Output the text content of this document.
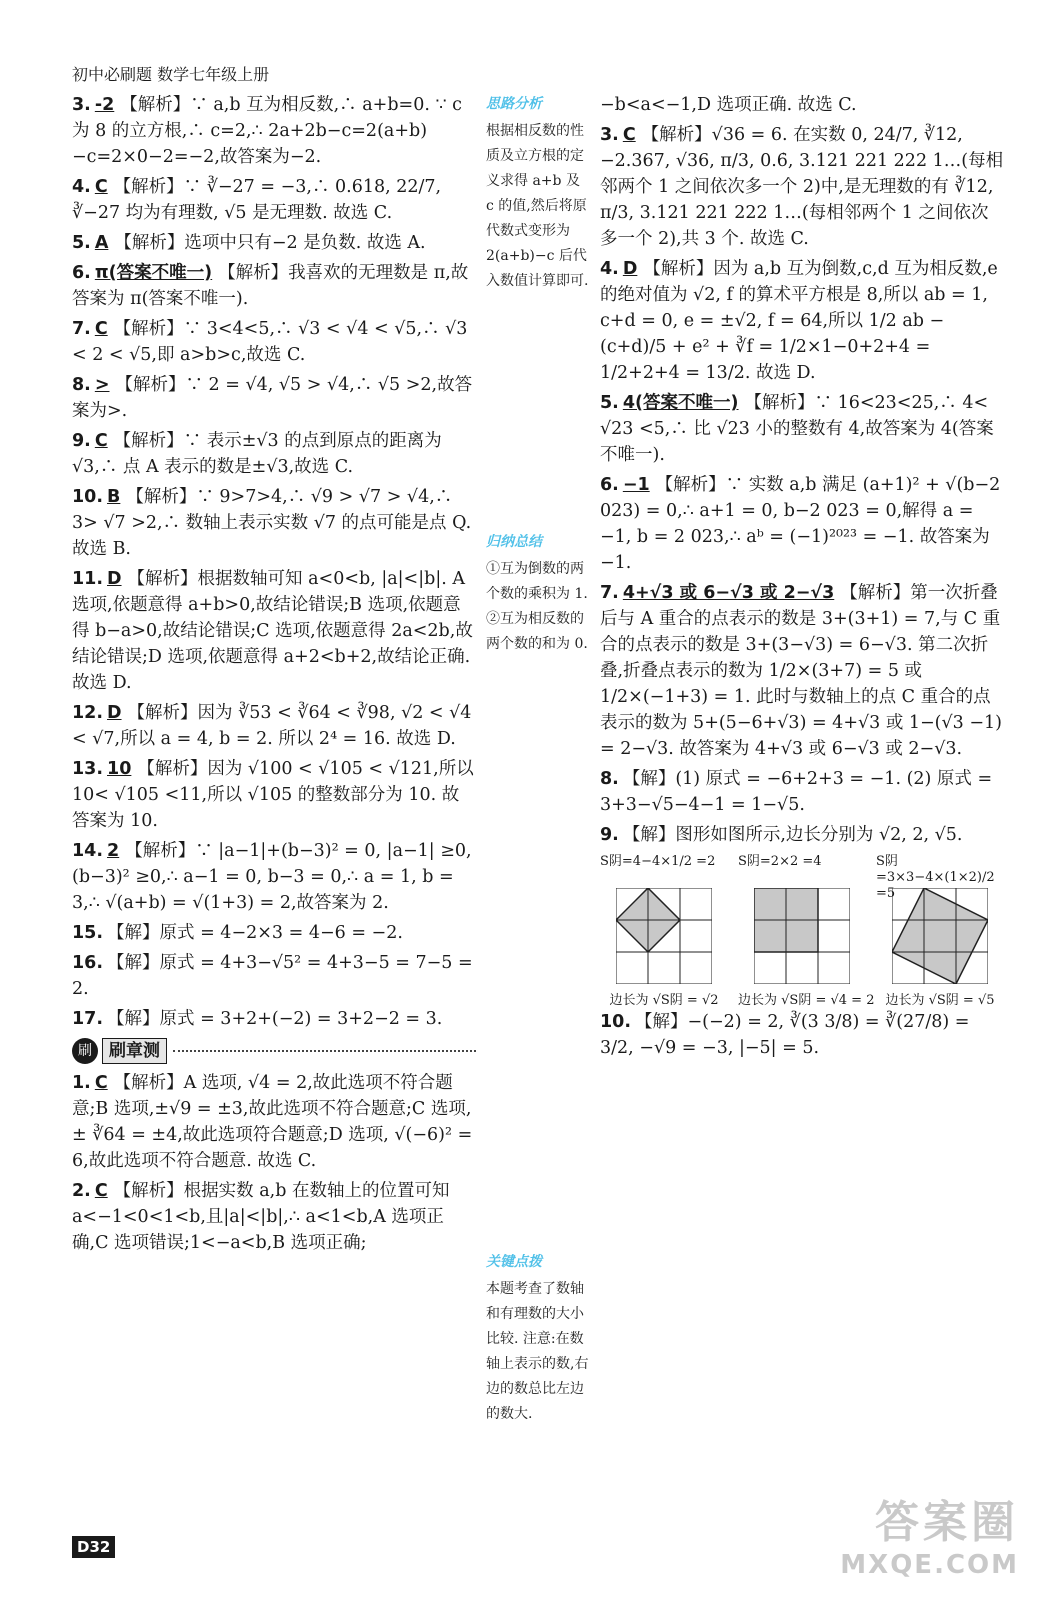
初中必刷题 数学七年级上册
3. -2 【解析】∵ a,b 互为相反数,∴ a+b=0. ∵ c 为 8 的立方根,∴ c=2,∴ 2a+2b−c=2(a+b)−c=2×0−2=−2,故答案为−2.
4. C 【解析】∵ ∛−27 = −3,∴ 0.618, 22/7, ∛−27 均为有理数, √5 是无理数. 故选 C.
5. A 【解析】选项中只有−2 是负数. 故选 A.
6. π(答案不唯一) 【解析】我喜欢的无理数是 π,故答案为 π(答案不唯一).
7. C 【解析】∵ 3<4<5,∴ √3 < √4 < √5,∴ √3 < 2 < √5,即 a>b>c,故选 C.
8. > 【解析】∵ 2 = √4, √5 > √4,∴ √5 >2,故答案为>.
9. C 【解析】∵ 表示±√3 的点到原点的距离为 √3,∴ 点 A 表示的数是±√3,故选 C.
10. B 【解析】∵ 9>7>4,∴ √9 > √7 > √4,∴ 3> √7 >2,∴ 数轴上表示实数 √7 的点可能是点 Q. 故选 B.
11. D 【解析】根据数轴可知 a<0<b, |a|<|b|. A 选项,依题意得 a+b>0,故结论错误;B 选项,依题意得 b−a>0,故结论错误;C 选项,依题意得 2a<2b,故结论错误;D 选项,依题意得 a+2<b+2,故结论正确. 故选 D.
12. D 【解析】因为 ∛53 < ∛64 < ∛98, √2 < √4 < √7,所以 a = 4, b = 2. 所以 2⁴ = 16. 故选 D.
13. 10 【解析】因为 √100 < √105 < √121,所以 10< √105 <11,所以 √105 的整数部分为 10. 故答案为 10.
14. 2 【解析】∵ |a−1|+(b−3)² = 0, |a−1| ≥0, (b−3)² ≥0,∴ a−1 = 0, b−3 = 0,∴ a = 1, b = 3,∴ √(a+b) = √(1+3) = 2,故答案为 2.
15. 【解】原式 = 4−2×3 = 4−6 = −2.
16. 【解】原式 = 4+3−√5² = 4+3−5 = 7−5 = 2.
17. 【解】原式 = 3+2+(−2) = 3+2−2 = 3.
刷	刷章测
1. C 【解析】A 选项, √4 = 2,故此选项不符合题意;B 选项,±√9 = ±3,故此选项不符合题意;C 选项,± ∛64 = ±4,故此选项符合题意;D 选项, √(−6)² = 6,故此选项不符合题意. 故选 C.
2. C 【解析】根据实数 a,b 在数轴上的位置可知 a<−1<0<1<b,且|a|<|b|,∴ a<1<b,A 选项正确,C 选项错误;1<−a<b,B 选项正确;
−b<a<−1,D 选项正确. 故选 C.
3. C 【解析】√36 = 6. 在实数 0, 24/7, ∛12, −2.367, √36, π/3, 0.6̇, 3.121 221 222 1…(每相邻两个 1 之间依次多一个 2)中,是无理数的有 ∛12, π/3, 3.121 221 222 1…(每相邻两个 1 之间依次多一个 2),共 3 个. 故选 C.
4. D 【解析】因为 a,b 互为倒数,c,d 互为相反数,e 的绝对值为 √2, f 的算术平方根是 8,所以 ab = 1, c+d = 0, e = ±√2, f = 64,所以 1/2 ab − (c+d)/5 + e² + ∛f = 1/2×1−0+2+4 = 1/2+2+4 = 13/2. 故选 D.
5. 4(答案不唯一) 【解析】∵ 16<23<25,∴ 4< √23 <5,∴ 比 √23 小的整数有 4,故答案为 4(答案不唯一).
6. −1 【解析】∵ 实数 a,b 满足 (a+1)² + √(b−2 023) = 0,∴ a+1 = 0, b−2 023 = 0,解得 a = −1, b = 2 023,∴ aᵇ = (−1)²⁰²³ = −1. 故答案为−1.
7. 4+√3 或 6−√3 或 2−√3 【解析】第一次折叠后与 A 重合的点表示的数是 3+(3+1) = 7,与 C 重合的点表示的数是 3+(3−√3) = 6−√3. 第二次折叠,折叠点表示的数为 1/2×(3+7) = 5 或 1/2×(−1+3) = 1. 此时与数轴上的点 C 重合的点表示的数为 5+(5−6+√3) = 4+√3 或 1−(√3 −1) = 2−√3. 故答案为 4+√3 或 6−√3 或 2−√3.
8. 【解】(1) 原式 = −6+2+3 = −1. (2) 原式 = 3+3−√5−4−1 = 1−√5.
9. 【解】图形如图所示,边长分别为 √2, 2, √5.
S阴=4−4×1/2 =2
边长为 √S阴 = √2
S阴=2×2 =4
边长为 √S阴 = √4 = 2
S阴=3×3−4×(1×2)/2 =5
边长为 √S阴 = √5
10. 【解】−(−2) = 2, ∛(3 3/8) = ∛(27/8) = 3/2, −√9 = −3, |−5| = 5.
思路分析
根据相反数的性质及立方根的定义求得 a+b 及 c 的值,然后将原代数式变形为 2(a+b)−c 后代入数值计算即可.
归纳总结
①互为倒数的两个数的乘积为 1. ②互为相反数的两个数的和为 0.
关键点拨
本题考查了数轴和有理数的大小比较. 注意:在数轴上表示的数,右边的数总比左边的数大.
D32	答案圈
MXQE.COM
